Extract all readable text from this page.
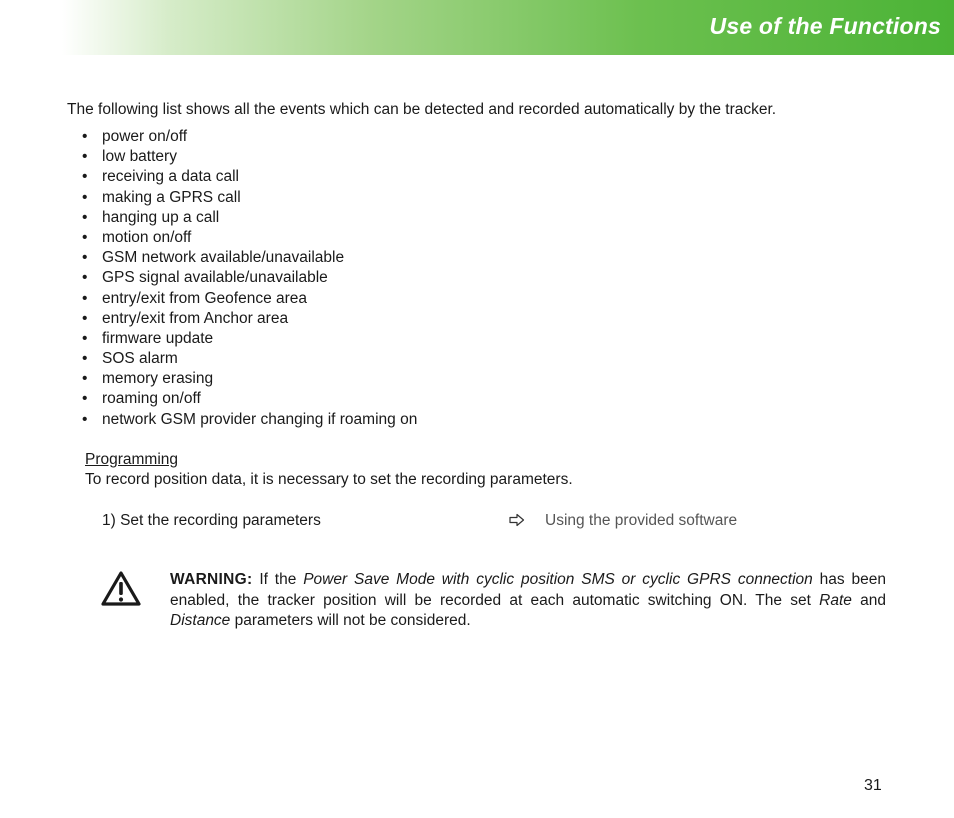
Use of the Functions
The following list shows all the events which can be detected and recorded automatically by the tracker.
• power on/off
• low battery
• receiving a data call
• making a GPRS call
• hanging up a call
• motion on/off
• GSM network available/unavailable
• GPS signal available/unavailable
• entry/exit from Geofence area
• entry/exit from Anchor area
• firmware update
• SOS alarm
• memory erasing
• roaming on/off
• network GSM provider changing if roaming on
Programming
To record position data, it is necessary to set the recording parameters.
1) Set the recording parameters	Using the provided software
WARNING: If the Power Save Mode with cyclic position SMS or cyclic GPRS connection has been enabled, the tracker position will be recorded at each automatic switching ON. The set Rate and Distance parameters will not be considered.
31
